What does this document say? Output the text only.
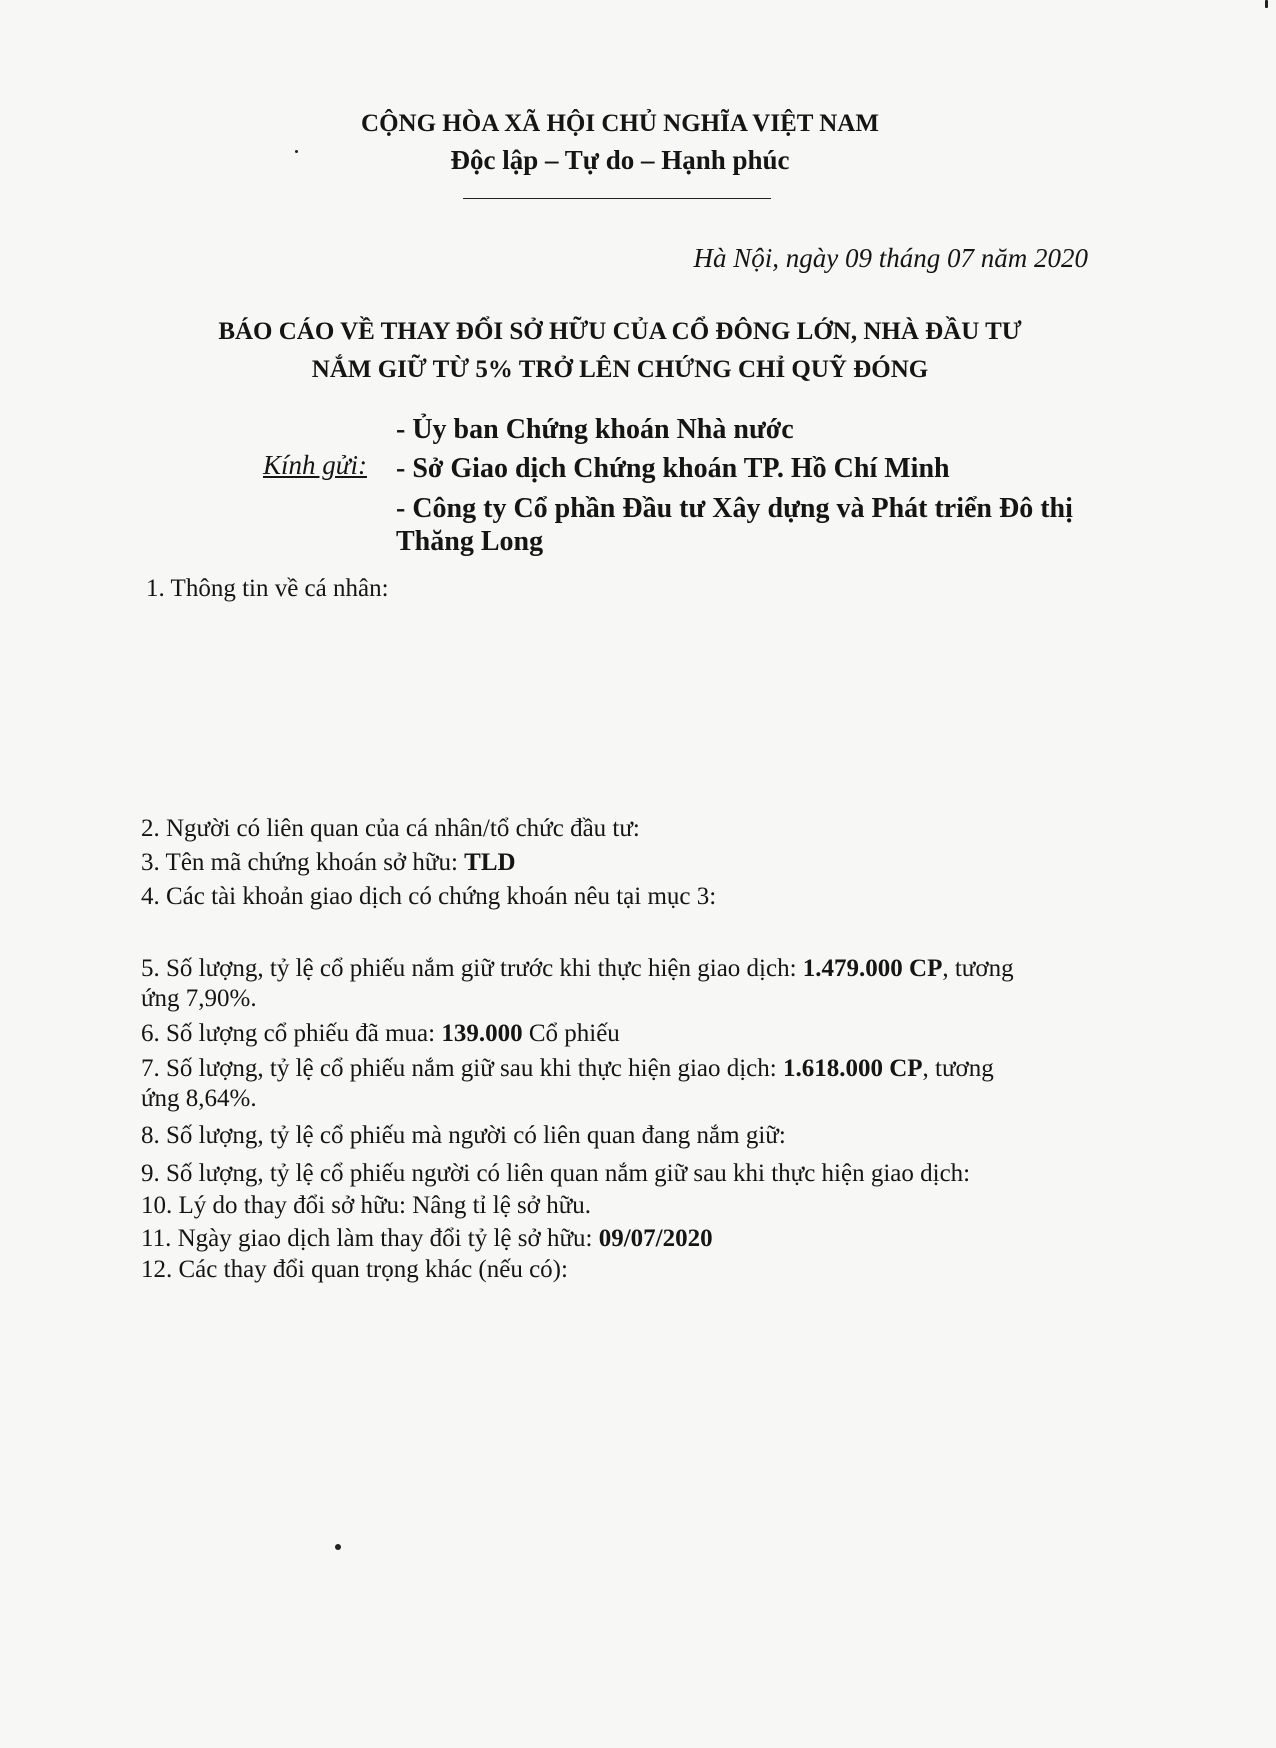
CỘNG HÒA XÃ HỘI CHỦ NGHĨA VIỆT NAM
Độc lập – Tự do – Hạnh phúc
Hà Nội, ngày 09 tháng 07 năm 2020
BÁO CÁO VỀ THAY ĐỔI SỞ HỮU CỦA CỔ ĐÔNG LỚN, NHÀ ĐẦU TƯ
NẮM GIỮ TỪ 5% TRỞ LÊN CHỨNG CHỈ QUỸ ĐÓNG
Kính gửi:
- Ủy ban Chứng khoán Nhà nước
- Sở Giao dịch Chứng khoán TP. Hồ Chí Minh
- Công ty Cổ phần Đầu tư Xây dựng và Phát triển Đô thị
Thăng Long
1. Thông tin về cá nhân:
2. Người có liên quan của cá nhân/tổ chức đầu tư:
3. Tên mã chứng khoán sở hữu: TLD
4. Các tài khoản giao dịch có chứng khoán nêu tại mục 3:
5. Số lượng, tỷ lệ cổ phiếu nắm giữ trước khi thực hiện giao dịch: 1.479.000 CP, tương
ứng 7,90%.
6. Số lượng cổ phiếu đã mua: 139.000 Cổ phiếu
7. Số lượng, tỷ lệ cổ phiếu nắm giữ sau khi thực hiện giao dịch: 1.618.000 CP, tương
ứng 8,64%.
8. Số lượng, tỷ lệ cổ phiếu mà người có liên quan đang nắm giữ:
9. Số lượng, tỷ lệ cổ phiếu người có liên quan nắm giữ sau khi thực hiện giao dịch:
10. Lý do thay đổi sở hữu: Nâng tỉ lệ sở hữu.
11. Ngày giao dịch làm thay đổi tỷ lệ sở hữu: 09/07/2020
12. Các thay đổi quan trọng khác (nếu có):
